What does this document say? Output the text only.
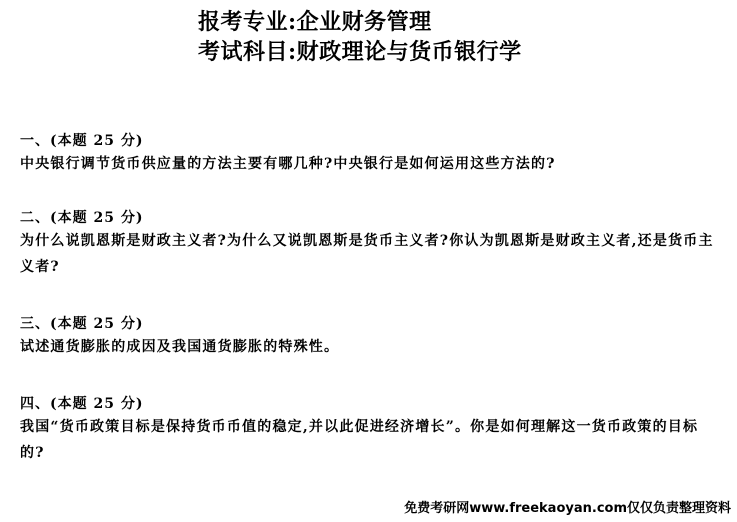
报考专业:企业财务管理
考试科目:财政理论与货币银行学
一、(本题 25 分)
中央银行调节货币供应量的方法主要有哪几种?中央银行是如何运用这些方法的?
二、(本题 25 分)
为什么说凯恩斯是财政主义者?为什么又说凯恩斯是货币主义者?你认为凯恩斯是财政主义者,还是货币主义者?
三、(本题 25 分)
试述通货膨胀的成因及我国通货膨胀的特殊性。
四、(本题 25 分)
我国“货币政策目标是保持货币币值的稳定,并以此促进经济增长”。你是如何理解这一货币政策的目标的?
免费考研网www.freekaoyan.com仅仅负责整理资料
